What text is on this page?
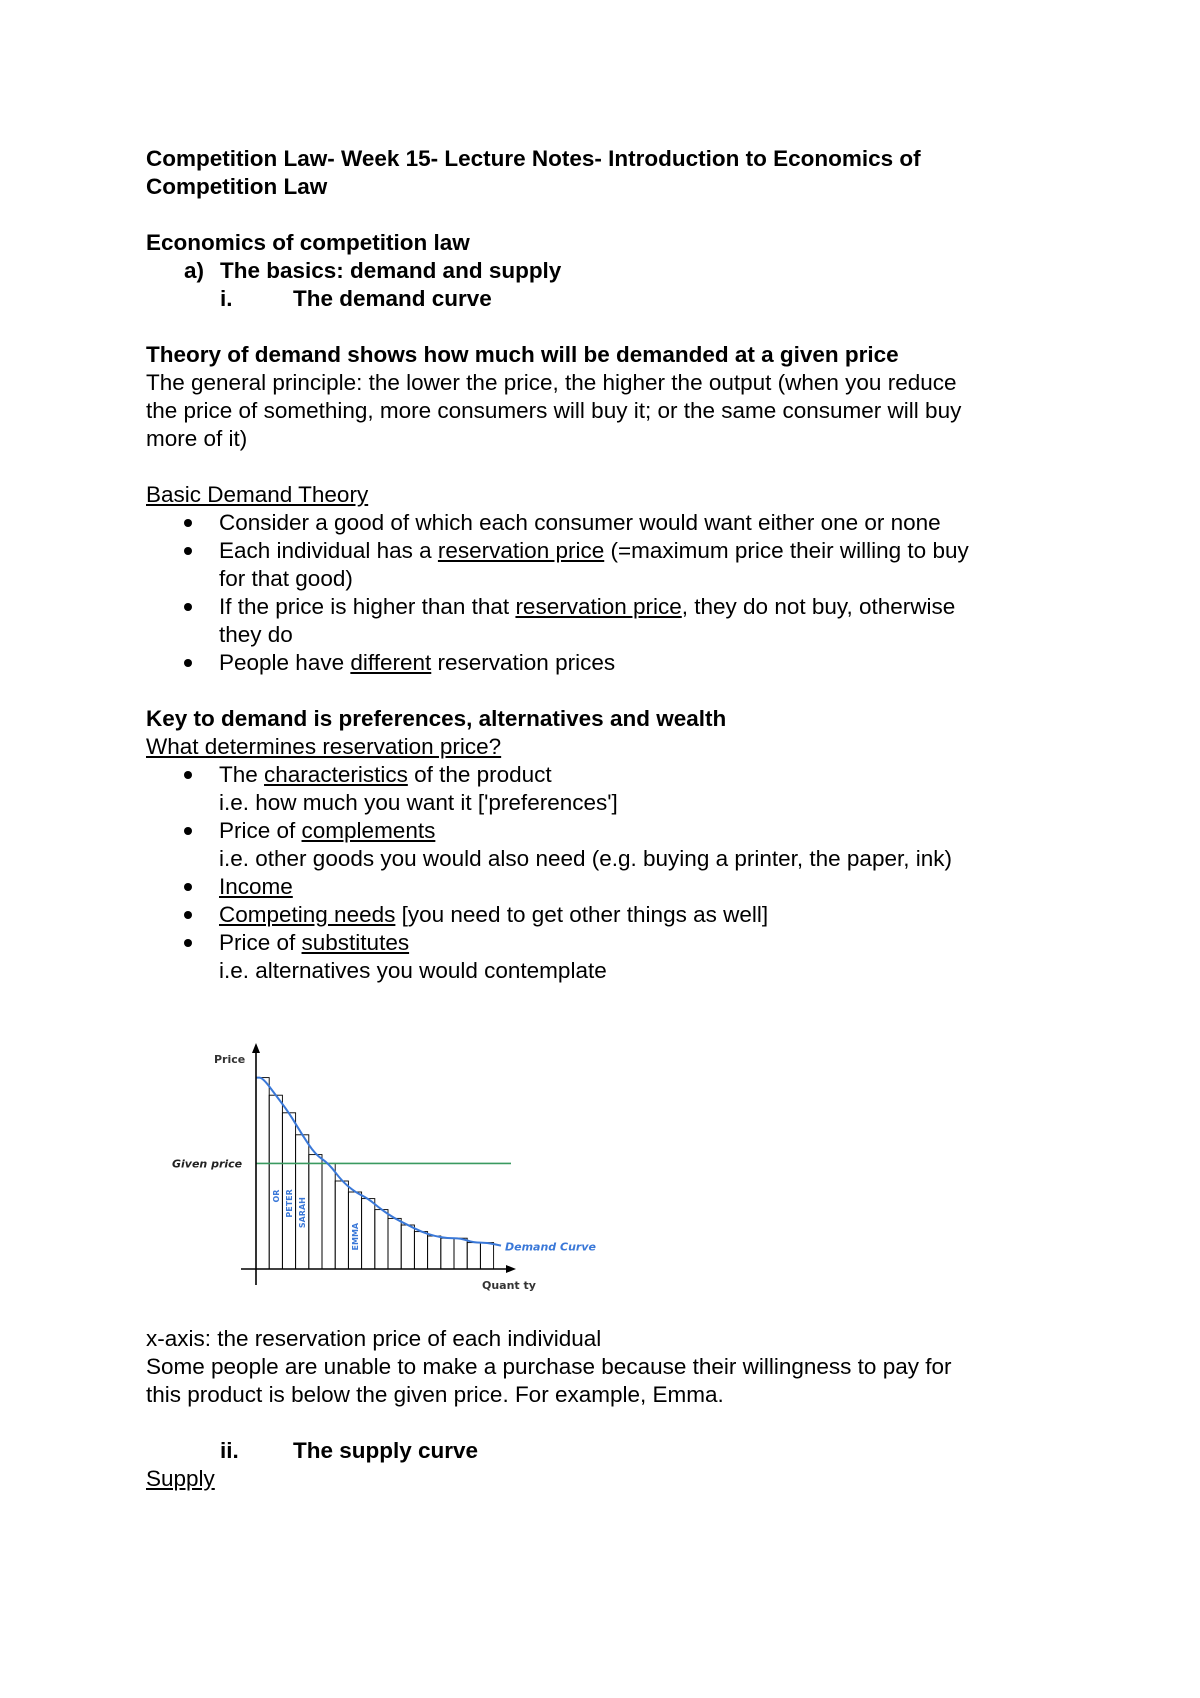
Competition Law- Week 15- Lecture Notes- Introduction to Economics of
Competition Law
Economics of competition law
a) The basics: demand and supply
i.	The demand curve
Theory of demand shows how much will be demanded at a given price
The general principle: the lower the price, the higher the output (when you reduce
the price of something, more consumers will buy it; or the same consumer will buy
more of it)
Basic Demand Theory
Consider a good of which each consumer would want either one or none
Each individual has a reservation price (=maximum price their willing to buy
for that good)
If the price is higher than that reservation price, they do not buy, otherwise
they do
People have different reservation prices
Key to demand is preferences, alternatives and wealth
What determines reservation price?
The characteristics of the product
i.e. how much you want it ['preferences']
Price of complements
i.e. other goods you would also need (e.g. buying a printer, the paper, ink)
Income
Competing needs [you need to get other things as well]
Price of substitutes
i.e. alternatives you would contemplate
OR PETER SARAH
EMMA
Price
Quant ty
Given price
Demand Curve
x-axis: the reservation price of each individual
Some people are unable to make a purchase because their willingness to pay for
this product is below the given price. For example, Emma.
ii. The supply curve
Supply
